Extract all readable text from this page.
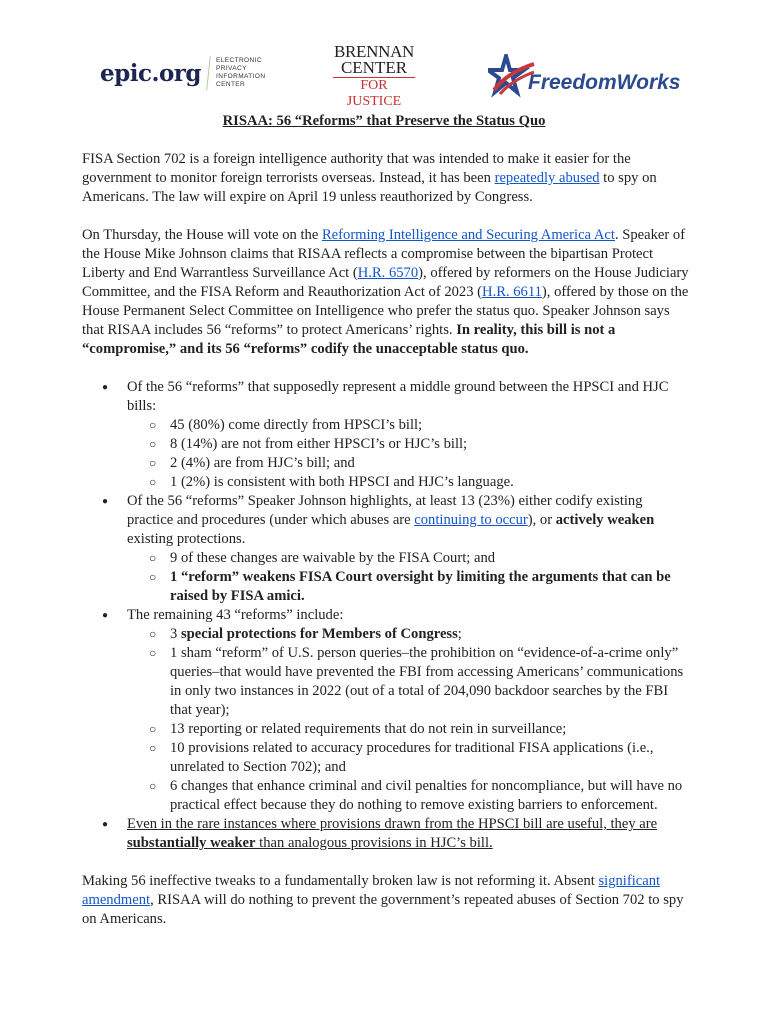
epic.org ELECTRONIC
PRIVACY
INFORMATION
CENTER
BRENNAN
CENTER
FOR JUSTICE
FreedomWorks
RISAA: 56 “Reforms” that Preserve the Status Quo

FISA Section 702 is a foreign intelligence authority that was intended to make it easier for the government to monitor foreign terrorists overseas. Instead, it has been repeatedly abused to spy on Americans. The law will expire on April 19 unless reauthorized by Congress.

On Thursday, the House will vote on the Reforming Intelligence and Securing America Act. Speaker of the House Mike Johnson claims that RISAA reflects a compromise between the bipartisan Protect Liberty and End Warrantless Surveillance Act (H.R. 6570), offered by reformers on the House Judiciary Committee, and the FISA Reform and Reauthorization Act of 2023 (H.R. 6611), offered by those on the House Permanent Select Committee on Intelligence who prefer the status quo. Speaker Johnson says that RISAA includes 56 “reforms” to protect Americans’ rights. In reality, this bill is not a “compromise,” and its 56 “reforms” codify the unacceptable status quo.

● Of the 56 “reforms” that supposedly represent a middle ground between the HPSCI and HJC bills:
○ 45 (80%) come directly from HPSCI’s bill;
○ 8 (14%) are not from either HPSCI’s or HJC’s bill;
○ 2 (4%) are from HJC’s bill; and
○ 1 (2%) is consistent with both HPSCI and HJC’s language.
● Of the 56 “reforms” Speaker Johnson highlights, at least 13 (23%) either codify existing practice and procedures (under which abuses are continuing to occur), or actively weaken existing protections.
○ 9 of these changes are waivable by the FISA Court; and
○ 1 “reform” weakens FISA Court oversight by limiting the arguments that can be raised by FISA amici.
● The remaining 43 “reforms” include:
○ 3 special protections for Members of Congress;
○ 1 sham “reform” of U.S. person queries–the prohibition on “evidence-of-a-crime only” queries–that would have prevented the FBI from accessing Americans’ communications in only two instances in 2022 (out of a total of 204,090 backdoor searches by the FBI that year);
○ 13 reporting or related requirements that do not rein in surveillance;
○ 10 provisions related to accuracy procedures for traditional FISA applications (i.e., unrelated to Section 702); and
○ 6 changes that enhance criminal and civil penalties for noncompliance, but will have no practical effect because they do nothing to remove existing barriers to enforcement.
● Even in the rare instances where provisions drawn from the HPSCI bill are useful, they are substantially weaker than analogous provisions in HJC’s bill.

Making 56 ineffective tweaks to a fundamentally broken law is not reforming it. Absent significant amendment, RISAA will do nothing to prevent the government’s repeated abuses of Section 702 to spy on Americans.
